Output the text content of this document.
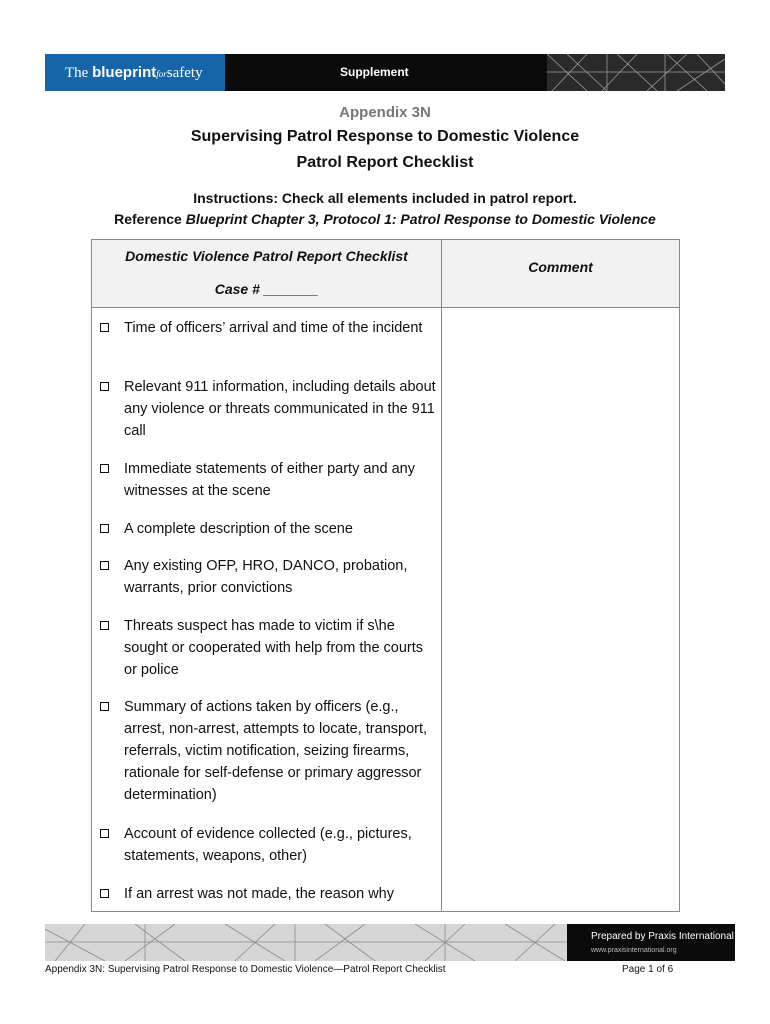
The blueprintforsafety	Supplement
Appendix 3N
Supervising Patrol Response to Domestic Violence
Patrol Report Checklist
Instructions: Check all elements included in patrol report.
Reference Blueprint Chapter 3, Protocol 1: Patrol Response to Domestic Violence
Domestic Violence Patrol Report Checklist
Case # _______
Comment
Time of officers’ arrival and time of the incident
Relevant 911 information, including details about any violence or threats communicated in the 911 call
Immediate statements of either party and any witnesses at the scene
A complete description of the scene
Any existing OFP, HRO, DANCO, probation, warrants, prior convictions
Threats suspect has made to victim if s\he sought or cooperated with help from the courts or police
Summary of actions taken by officers (e.g., arrest, non-arrest, attempts to locate, transport, referrals, victim notification, seizing firearms, rationale for self-defense or primary aggressor determination)
Account of evidence collected (e.g., pictures, statements, weapons, other)
If an arrest was not made, the reason why
Prepared by Praxis International
www.praxisinternational.org
Appendix 3N: Supervising Patrol Response to Domestic Violence—Patrol Report Checklist	Page 1 of 6
